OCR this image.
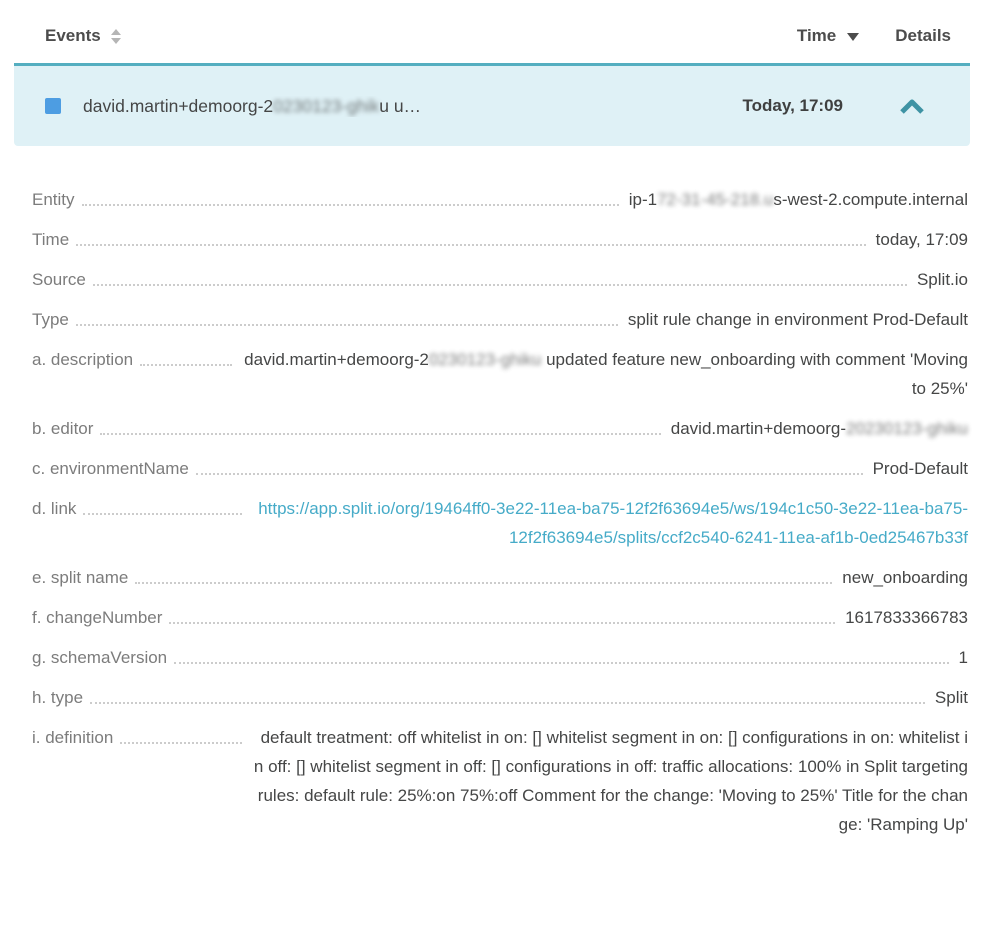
Events	Time	Details
david.martin+demoorg-20230123-ghiku u…	Today, 17:09
Entity	ip-172-31-45-218.us-west-2.compute.internal
Time	today, 17:09
Source	Split.io
Type	split rule change in environment Prod-Default
a. description	david.martin+demoorg-20230123-ghiku updated feature new_onboarding with comment 'Moving to 25%'
b. editor	david.martin+demoorg-20230123-ghiku
c. environmentName	Prod-Default
d. link	https://app.split.io/org/19464ff0-3e22-11ea-ba75-12f2f63694e5/ws/194c1c50-3e22-11ea-ba75-12f2f63694e5/splits/ccf2c540-6241-11ea-af1b-0ed25467b33f
e. split name	new_onboarding
f. changeNumber	1617833366783
g. schemaVersion	1
h. type	Split
i. definition	default treatment: off whitelist in on: [] whitelist segment in on: [] configurations in on: whitelist in off: [] whitelist segment in off: [] configurations in off: traffic allocations: 100% in Split targeting rules: default rule: 25%:on 75%:off Comment for the change: 'Moving to 25%' Title for the change: 'Ramping Up'
